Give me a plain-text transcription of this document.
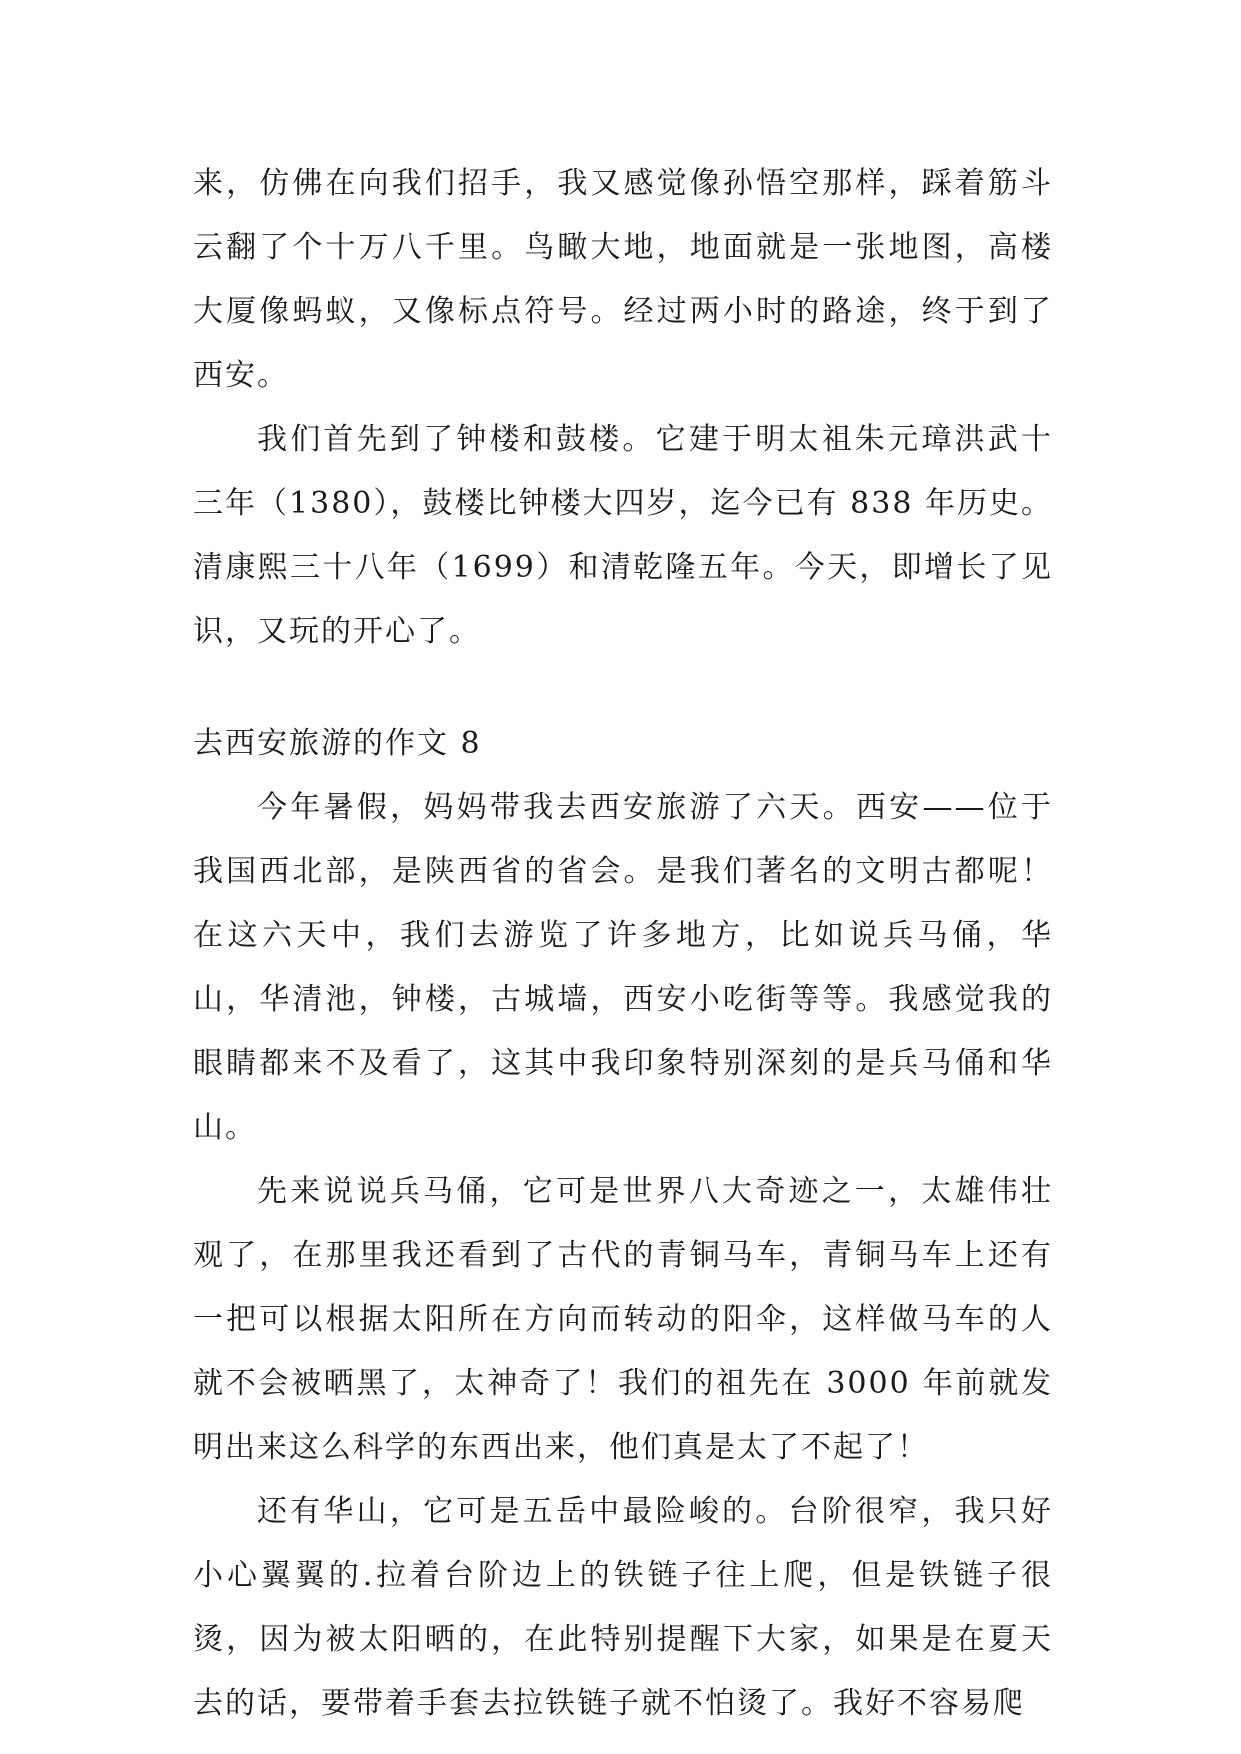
来，仿佛在向我们招手，我又感觉像孙悟空那样，踩着筋斗云翻了个十万八千里。鸟瞰大地，地面就是一张地图，高楼大厦像蚂蚁，又像标点符号。经过两小时的路途，终于到了西安。

我们首先到了钟楼和鼓楼。它建于明太祖朱元璋洪武十三年（1380），鼓楼比钟楼大四岁，迄今已有 838 年历史。清康熙三十八年（1699）和清乾隆五年。今天，即增长了见识，又玩的开心了。

去西安旅游的作文 8

今年暑假，妈妈带我去西安旅游了六天。西安——位于我国西北部，是陕西省的省会。是我们著名的文明古都呢！在这六天中，我们去游览了许多地方，比如说兵马俑，华山，华清池，钟楼，古城墙，西安小吃街等等。我感觉我的眼睛都来不及看了，这其中我印象特别深刻的是兵马俑和华山。

先来说说兵马俑，它可是世界八大奇迹之一，太雄伟壮观了，在那里我还看到了古代的青铜马车，青铜马车上还有一把可以根据太阳所在方向而转动的阳伞，这样做马车的人就不会被晒黑了，太神奇了！我们的祖先在 3000 年前就发明出来这么科学的东西出来，他们真是太了不起了！

还有华山，它可是五岳中最险峻的。台阶很窄，我只好小心翼翼的.拉着台阶边上的铁链子往上爬，但是铁链子很烫，因为被太阳晒的，在此特别提醒下大家，如果是在夏天去的话，要带着手套去拉铁链子就不怕烫了。我好不容易爬
